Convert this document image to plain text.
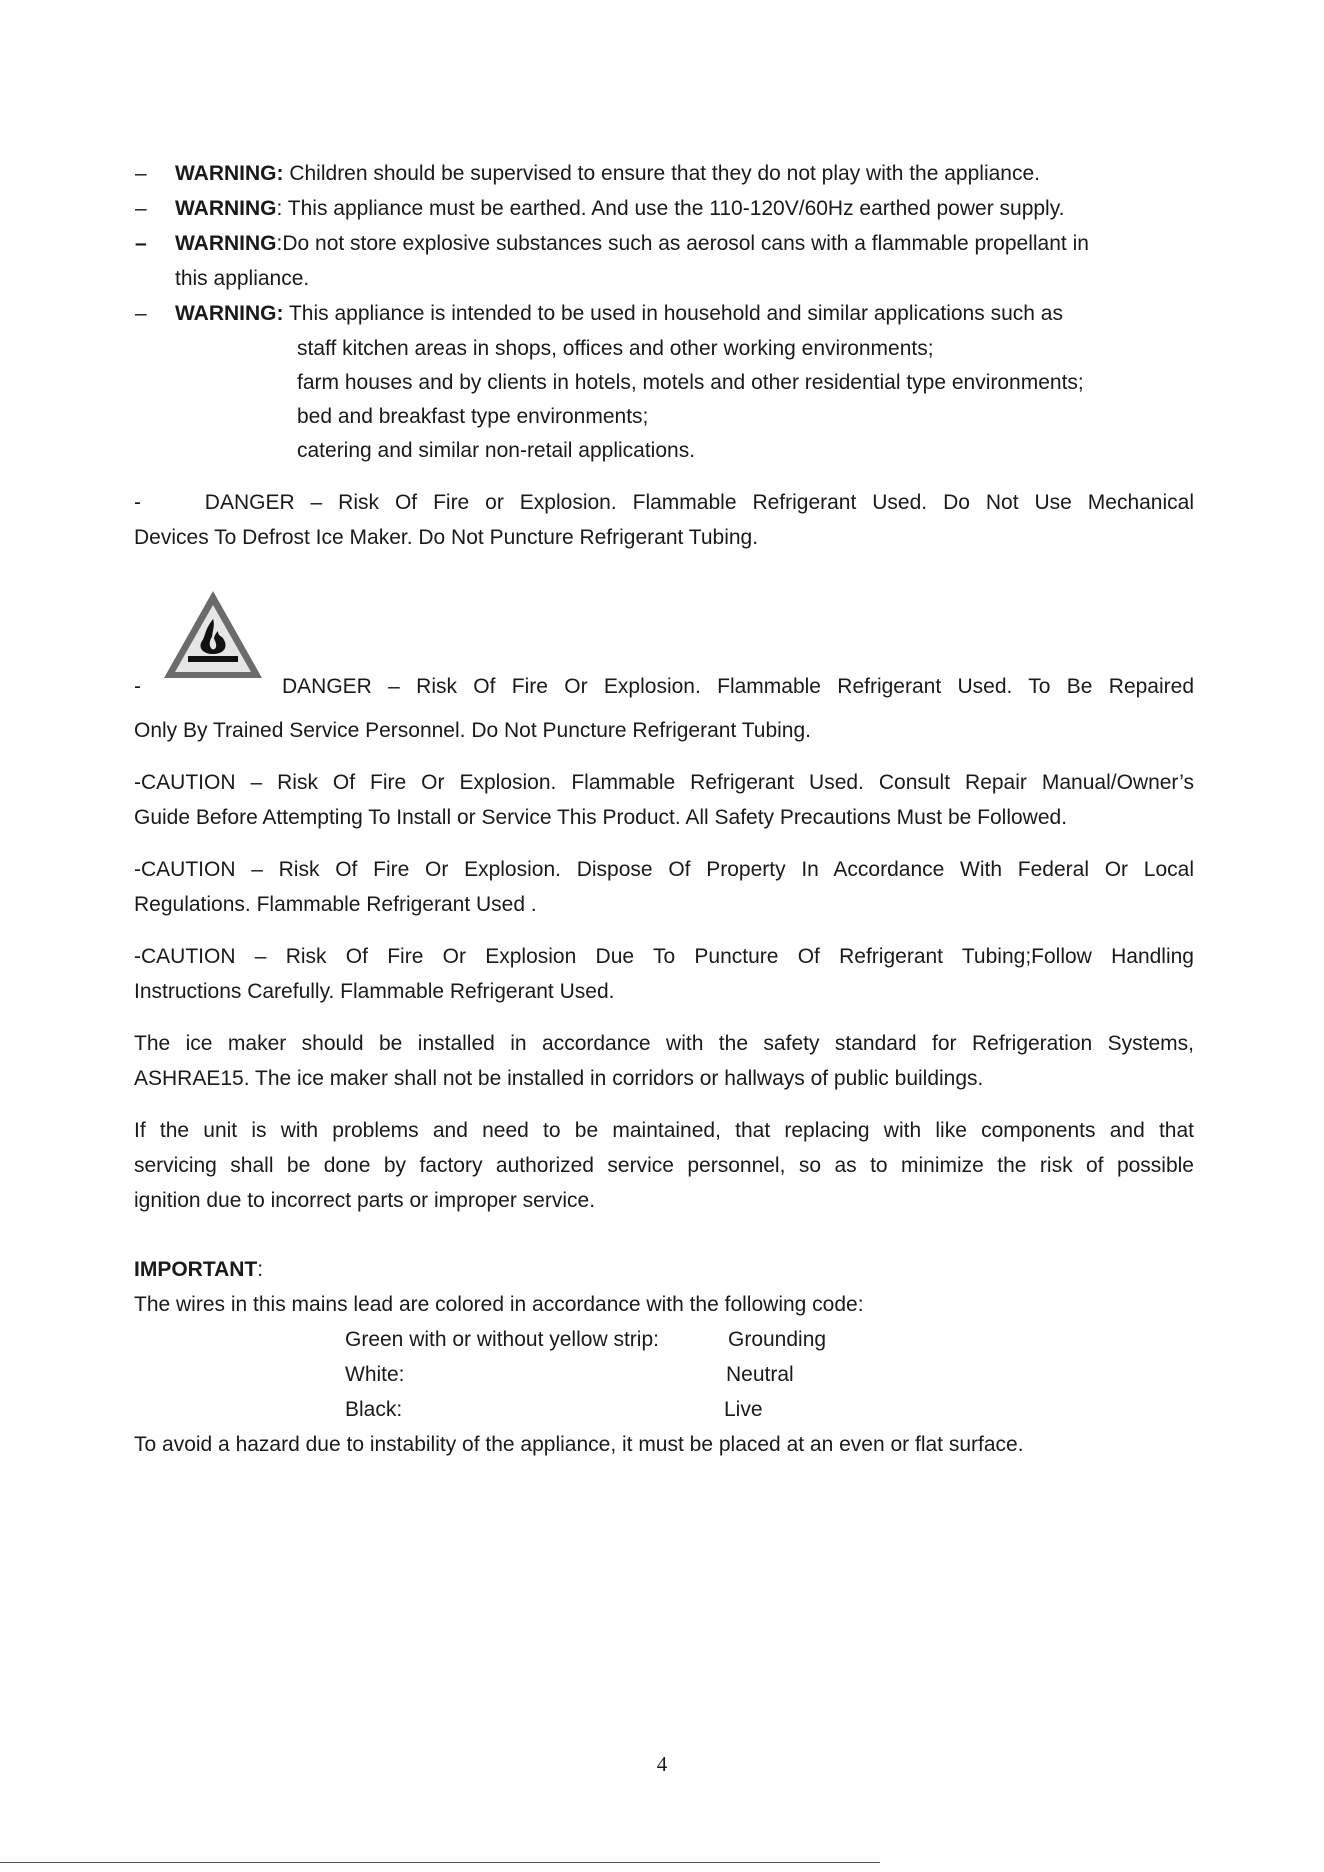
–	WARNING: Children should be supervised to ensure that they do not play with the appliance.
–	WARNING: This appliance must be earthed. And use the 110-120V/60Hz earthed power supply.
–	WARNING:Do not store explosive substances such as aerosol cans with a flammable propellant in
this appliance.
–	WARNING: This appliance is intended to be used in household and similar applications such as
staff kitchen areas in shops, offices and other working environments;
farm houses and by clients in hotels, motels and other residential type environments;
bed and breakfast type environments;
catering and similar non-retail applications.
-    DANGER – Risk Of Fire or Explosion. Flammable Refrigerant Used. Do Not Use Mechanical
Devices To Defrost Ice Maker. Do Not Puncture Refrigerant Tubing.
-	DANGER – Risk Of Fire Or Explosion. Flammable Refrigerant Used. To Be Repaired
Only By Trained Service Personnel. Do Not Puncture Refrigerant Tubing.
-CAUTION – Risk Of Fire Or Explosion. Flammable Refrigerant Used. Consult Repair Manual/Owner’s
Guide Before Attempting To Install or Service This Product. All Safety Precautions Must be Followed.
-CAUTION – Risk Of Fire Or Explosion. Dispose Of Property In Accordance With Federal Or Local
Regulations. Flammable Refrigerant Used .
-CAUTION – Risk Of Fire Or Explosion Due To Puncture Of Refrigerant Tubing;Follow Handling
Instructions Carefully. Flammable Refrigerant Used.
The ice maker should be installed in accordance with the safety standard for Refrigeration Systems,
ASHRAE15. The ice maker shall not be installed in corridors or hallways of public buildings.
If the unit is with problems and need to be maintained, that replacing with like components and that
servicing shall be done by factory authorized service personnel, so as to minimize the risk of possible
ignition due to incorrect parts or improper service.
IMPORTANT:
The wires in this mains lead are colored in accordance with the following code:
Green with or without yellow strip:	Grounding
White:	Neutral
Black:	Live
To avoid a hazard due to instability of the appliance, it must be placed at an even or flat surface.
4
